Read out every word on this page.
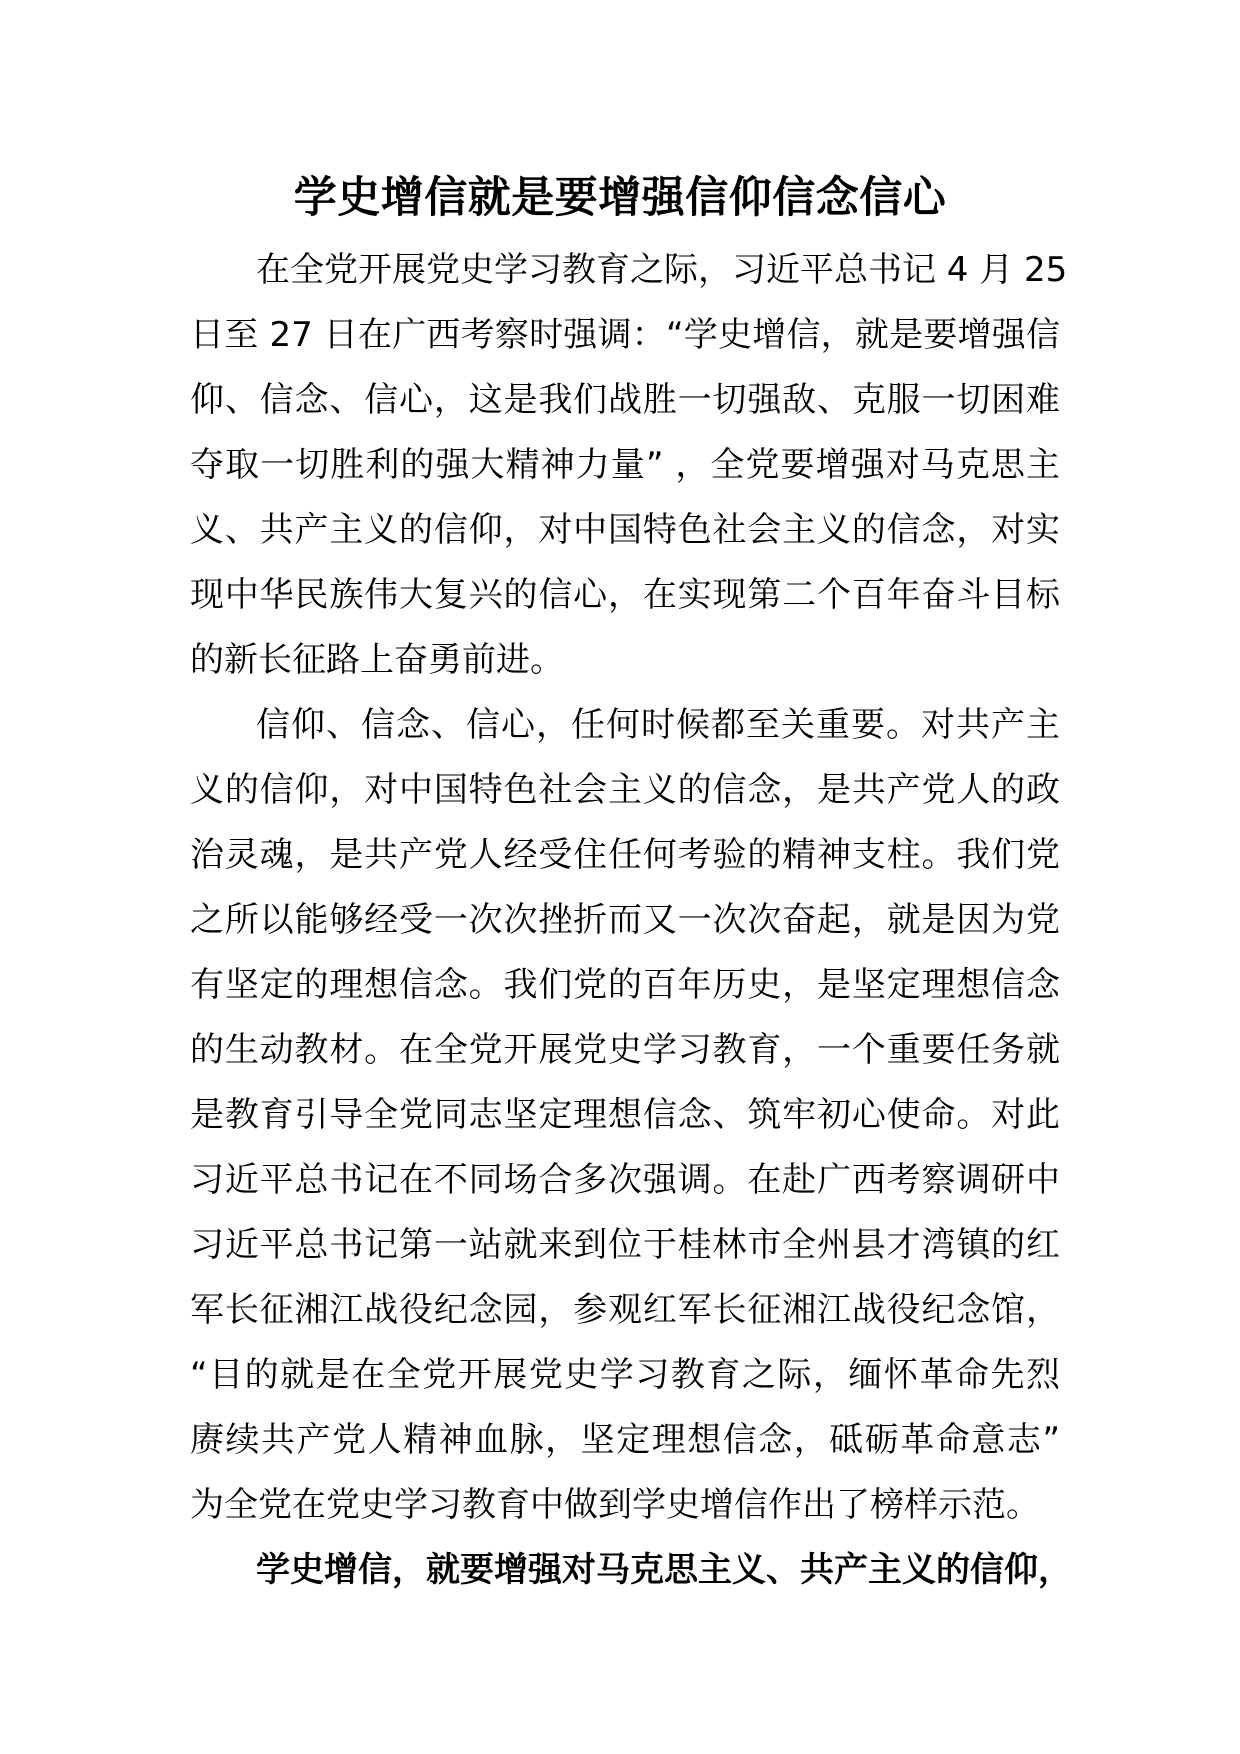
学史增信就是要增强信仰信念信心
在全党开展党史学习教育之际，习近平总书记 4 月 25
日至 27 日在广西考察时强调：“学史增信，就是要增强信
仰、信念、信心，这是我们战胜一切强敌、克服一切困难
夺取一切胜利的强大精神力量” ，全党要增强对马克思主
义、共产主义的信仰，对中国特色社会主义的信念，对实
现中华民族伟大复兴的信心，在实现第二个百年奋斗目标
的新长征路上奋勇前进。
信仰、信念、信心，任何时候都至关重要。对共产主
义的信仰，对中国特色社会主义的信念，是共产党人的政
治灵魂，是共产党人经受住任何考验的精神支柱。我们党
之所以能够经受一次次挫折而又一次次奋起，就是因为党
有坚定的理想信念。我们党的百年历史，是坚定理想信念
的生动教材。在全党开展党史学习教育，一个重要任务就
是教育引导全党同志坚定理想信念、筑牢初心使命。对此
习近平总书记在不同场合多次强调。在赴广西考察调研中
习近平总书记第一站就来到位于桂林市全州县才湾镇的红
军长征湘江战役纪念园，参观红军长征湘江战役纪念馆，
“目的就是在全党开展党史学习教育之际，缅怀革命先烈
赓续共产党人精神血脉，坚定理想信念，砥砺革命意志”
为全党在党史学习教育中做到学史增信作出了榜样示范。
学史增信，就要增强对马克思主义、共产主义的信仰，
